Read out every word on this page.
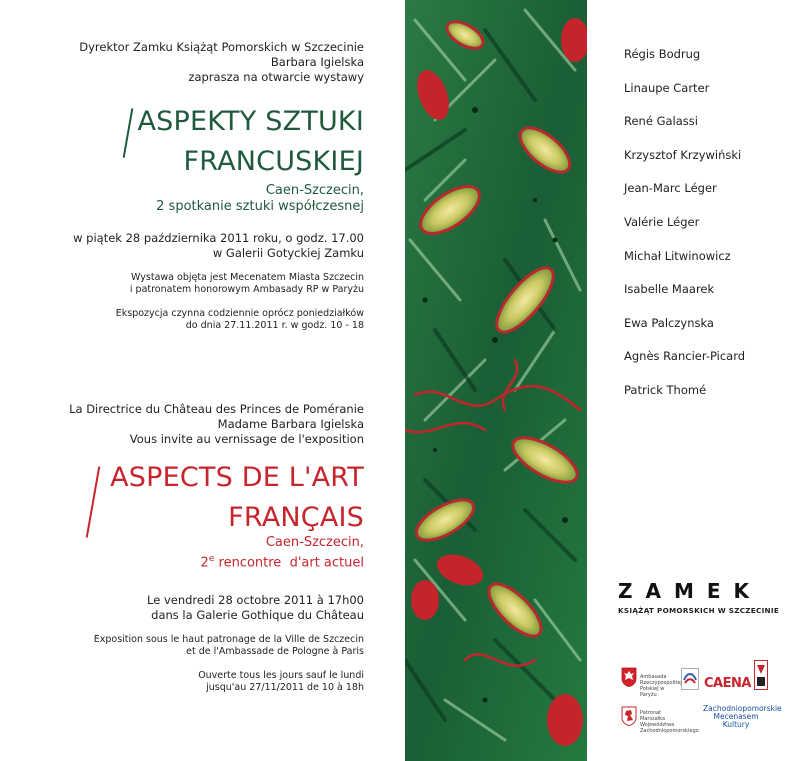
Dyrektor Zamku Książąt Pomorskich w Szczecinie
Barbara Igielska
zaprasza na otwarcie wystawy
ASPEKTY SZTUKI
FRANCUSKIEJ
Caen-Szczecin,
2 spotkanie sztuki współczesnej
w piątek 28 października 2011 roku, o godz. 17.00
w Galerii Gotyckiej Zamku
Wystawa objęta jest Mecenatem Miasta Szczecin
i patronatem honorowym Ambasady RP w Paryżu
Ekspozycja czynna codziennie oprócz poniedziałków
do dnia 27.11.2011 r. w godz. 10 - 18
La Directrice du Château des Princes de Poméranie
Madame Barbara Igielska
Vous invite au vernissage de l'exposition
ASPECTS DE L'ART
FRANÇAIS
Caen-Szczecin,
2e rencontre  d'art actuel
Le vendredi 28 octobre 2011 à 17h00
dans la Galerie Gothique du Château
Exposition sous le haut patronage de la Ville de Szczecin
et de l'Ambassade de Pologne à Paris
Ouverte tous les jours sauf le lundi
jusqu'au 27/11/2011 de 10 à 18h
Régis Bodrug
Linaupe Carter
René Galassi
Krzysztof Krzywiński
Jean-Marc Léger
Valérie Léger
Michał Litwinowicz
Isabelle Maarek
Ewa Palczynska
Agnès Rancier-Picard
Patrick Thomé
ZAMEK
KSIĄŻĄT POMORSKICH W SZCZECINIE
Ambasada Rzeczypospolitej Polskiej w Paryżu
CAENA
Patronat Marszałka Województwa Zachodniopomorskiego
Zachodniopomorskie Mecenasem Kultury
